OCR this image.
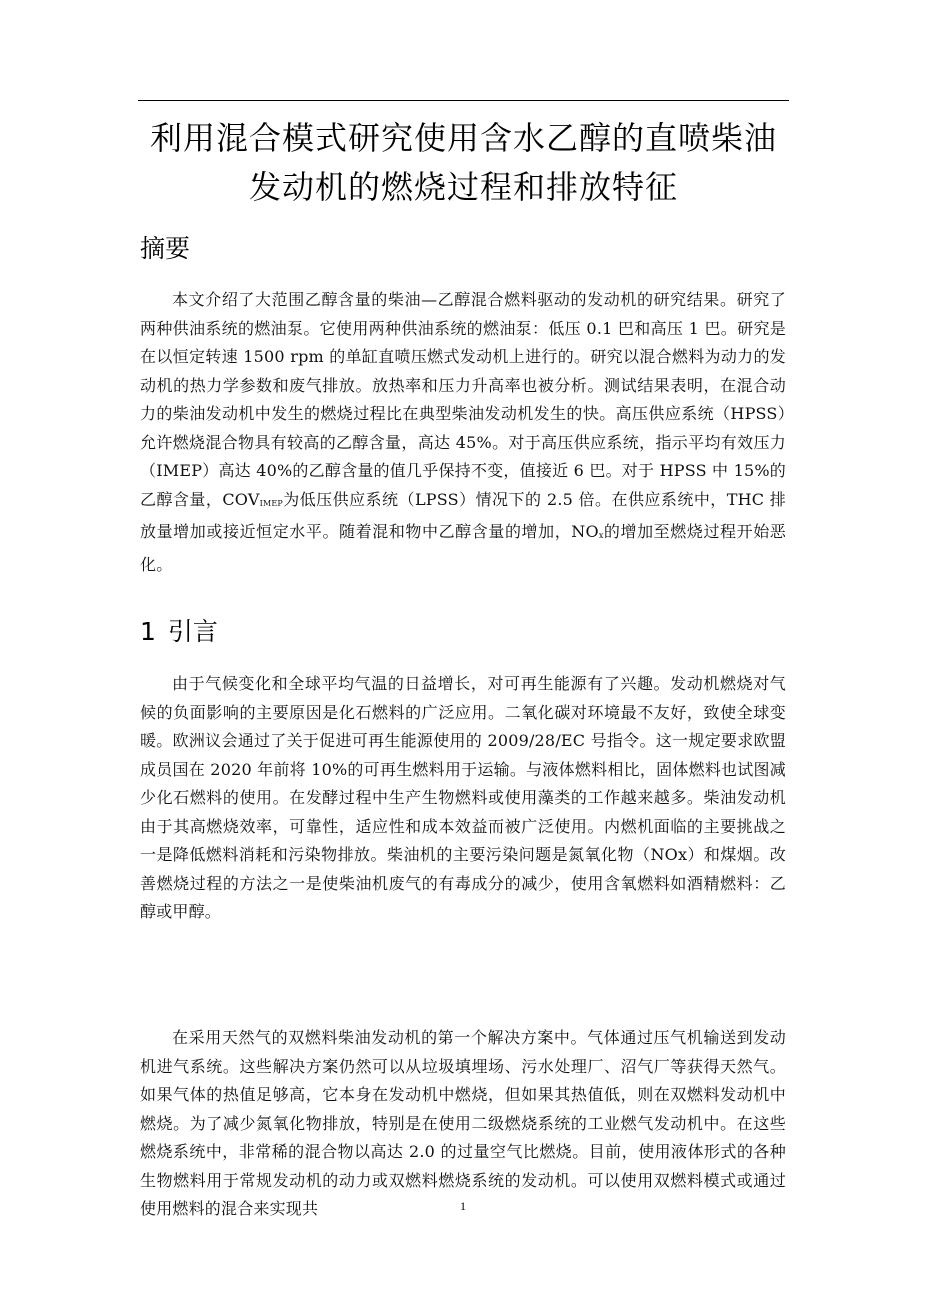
利用混合模式研究使用含水乙醇的直喷柴油发动机的燃烧过程和排放特征
摘要

本文介绍了大范围乙醇含量的柴油—乙醇混合燃料驱动的发动机的研究结果。研究了两种供油系统的燃油泵。它使用两种供油系统的燃油泵：低压 0.1 巴和高压 1 巴。研究是在以恒定转速 1500 rpm 的单缸直喷压燃式发动机上进行的。研究以混合燃料为动力的发动机的热力学参数和废气排放。放热率和压力升高率也被分析。测试结果表明，在混合动力的柴油发动机中发生的燃烧过程比在典型柴油发动机发生的快。高压供应系统（HPSS）允许燃烧混合物具有较高的乙醇含量，高达 45%。对于高压供应系统，指示平均有效压力（IMEP）高达 40%的乙醇含量的值几乎保持不变，值接近 6 巴。对于 HPSS 中 15%的乙醇含量，$COV_{IMEP}$为低压供应系统（LPSS）情况下的 2.5 倍。在供应系统中，THC 排放量增加或接近恒定水平。随着混和物中乙醇含量的增加，$NO_x$的增加至燃烧过程开始恶化。

1 引言

由于气候变化和全球平均气温的日益增长，对可再生能源有了兴趣。发动机燃烧对气候的负面影响的主要原因是化石燃料的广泛应用。二氧化碳对环境最不友好，致使全球变暖。欧洲议会通过了关于促进可再生能源使用的 2009/28/EC 号指令。这一规定要求欧盟成员国在 2020 年前将 10%的可再生燃料用于运输。与液体燃料相比，固体燃料也试图减少化石燃料的使用。在发酵过程中生产生物燃料或使用藻类的工作越来越多。柴油发动机由于其高燃烧效率，可靠性，适应性和成本效益而被广泛使用。内燃机面临的主要挑战之一是降低燃料消耗和污染物排放。柴油机的主要污染问题是氮氧化物（NOx）和煤烟。改善燃烧过程的方法之一是使柴油机废气的有毒成分的减少，使用含氧燃料如酒精燃料：乙醇或甲醇。

在采用天然气的双燃料柴油发动机的第一个解决方案中。气体通过压气机输送到发动机进气系统。这些解决方案仍然可以从垃圾填埋场、污水处理厂、沼气厂等获得天然气。如果气体的热值足够高，它本身在发动机中燃烧，但如果其热值低，则在双燃料发动机中燃烧。为了减少氮氧化物排放，特别是在使用二级燃烧系统的工业燃气发动机中。在这些燃烧系统中，非常稀的混合物以高达 2.0 的过量空气比燃烧。目前，使用液体形式的各种生物燃料用于常规发动机的动力或双燃料燃烧系统的发动机。可以使用双燃料模式或通过使用燃料的混合来实现共	1
